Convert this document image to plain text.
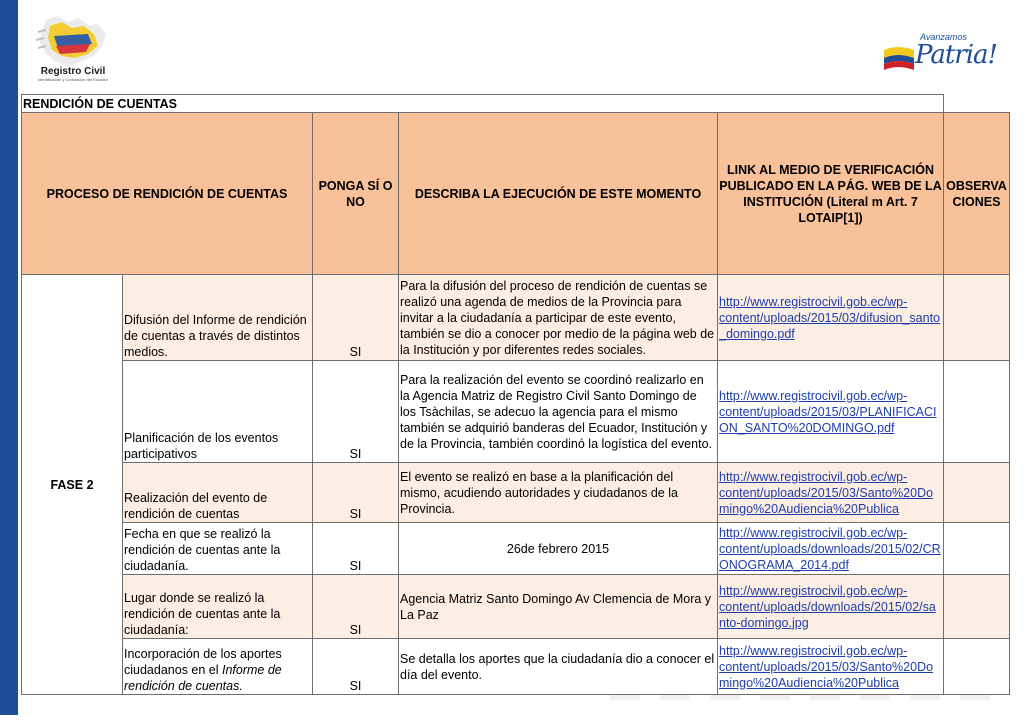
Registro Civil
Identificación y Cedulación del Ecuador
Avanzamos
Patria!
RENDICIÓN DE CUENTAS					
PROCESO DE RENDICIÓN DE CUENTAS		PONGA SÍ O NO	DESCRIBA LA EJECUCIÓN DE ESTE MOMENTO	LINK AL MEDIO DE VERIFICACIÓN PUBLICADO EN LA PÁG. WEB DE LA INSTITUCIÓN (Literal m Art. 7 LOTAIP[1])	OBSERVACIONES
FASE 2	Difusión del Informe de rendición de cuentas a través de distintos medios.	SI	Para la difusión del proceso de rendición de cuentas se realizó una agenda de medios de la Provincia para invitar a la ciudadanía a participar de este evento, también se dio a conocer por medio de la página web de la Institución y por diferentes redes sociales.	http://www.registrocivil.gob.ec/wp-content/uploads/2015/03/difusion_santo_domingo.pdf	
	Planificación de los eventos participativos	SI	Para la realización del evento se coordinó realizarlo en la Agencia Matriz de Registro Civil Santo Domingo de los Tsàchilas, se adecuo la agencia para el mismo también se adquirió banderas del Ecuador, Institución y de la Provincia, también coordinó la logística del evento.	http://www.registrocivil.gob.ec/wp-content/uploads/2015/03/PLANIFICACION_SANTO%20DOMINGO.pdf	
	Realización del evento de rendición de cuentas	SI	El evento se realizó en base a la planificación del mismo, acudiendo autoridades y ciudadanos de la Provincia.	http://www.registrocivil.gob.ec/wp-content/uploads/2015/03/Santo%20Domingo%20Audiencia%20Publica	
	Fecha en que se realizó la rendición de cuentas ante la ciudadanía.	SI	26de febrero 2015	http://www.registrocivil.gob.ec/wp-content/uploads/downloads/2015/02/CRONOGRAMA_2014.pdf	
	Lugar donde se realizó la rendición de cuentas ante la ciudadanía:	SI	Agencia Matriz Santo Domingo Av Clemencia de Mora y La Paz	http://www.registrocivil.gob.ec/wp-content/uploads/downloads/2015/02/santo-domingo.jpg	
	Incorporación de los aportes ciudadanos en el Informe de rendición de cuentas.	SI	Se detalla los aportes que la ciudadanía dio a conocer el día del evento.	http://www.registrocivil.gob.ec/wp-content/uploads/2015/03/Santo%20Domingo%20Audiencia%20Publica	
